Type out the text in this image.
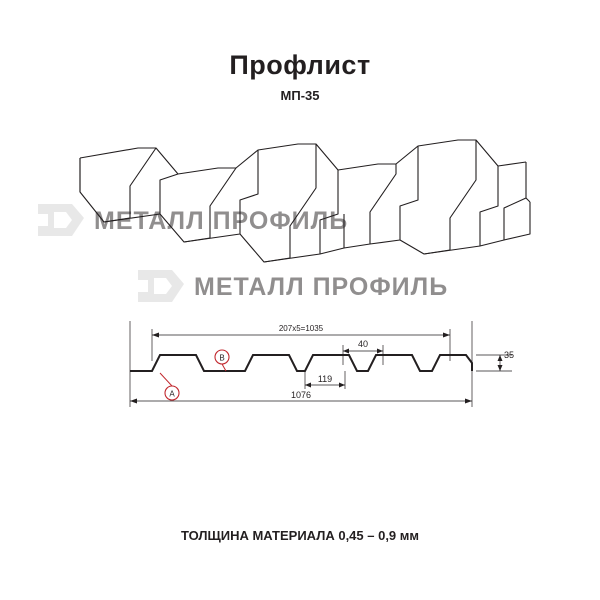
Профлист
МП-35
МЕТАЛЛ ПРОФИЛЬ
МЕТАЛЛ ПРОФИЛЬ
207х5=1035
40
119
1076
35
B
A
ТОЛЩИНА МАТЕРИАЛА 0,45 – 0,9 мм
